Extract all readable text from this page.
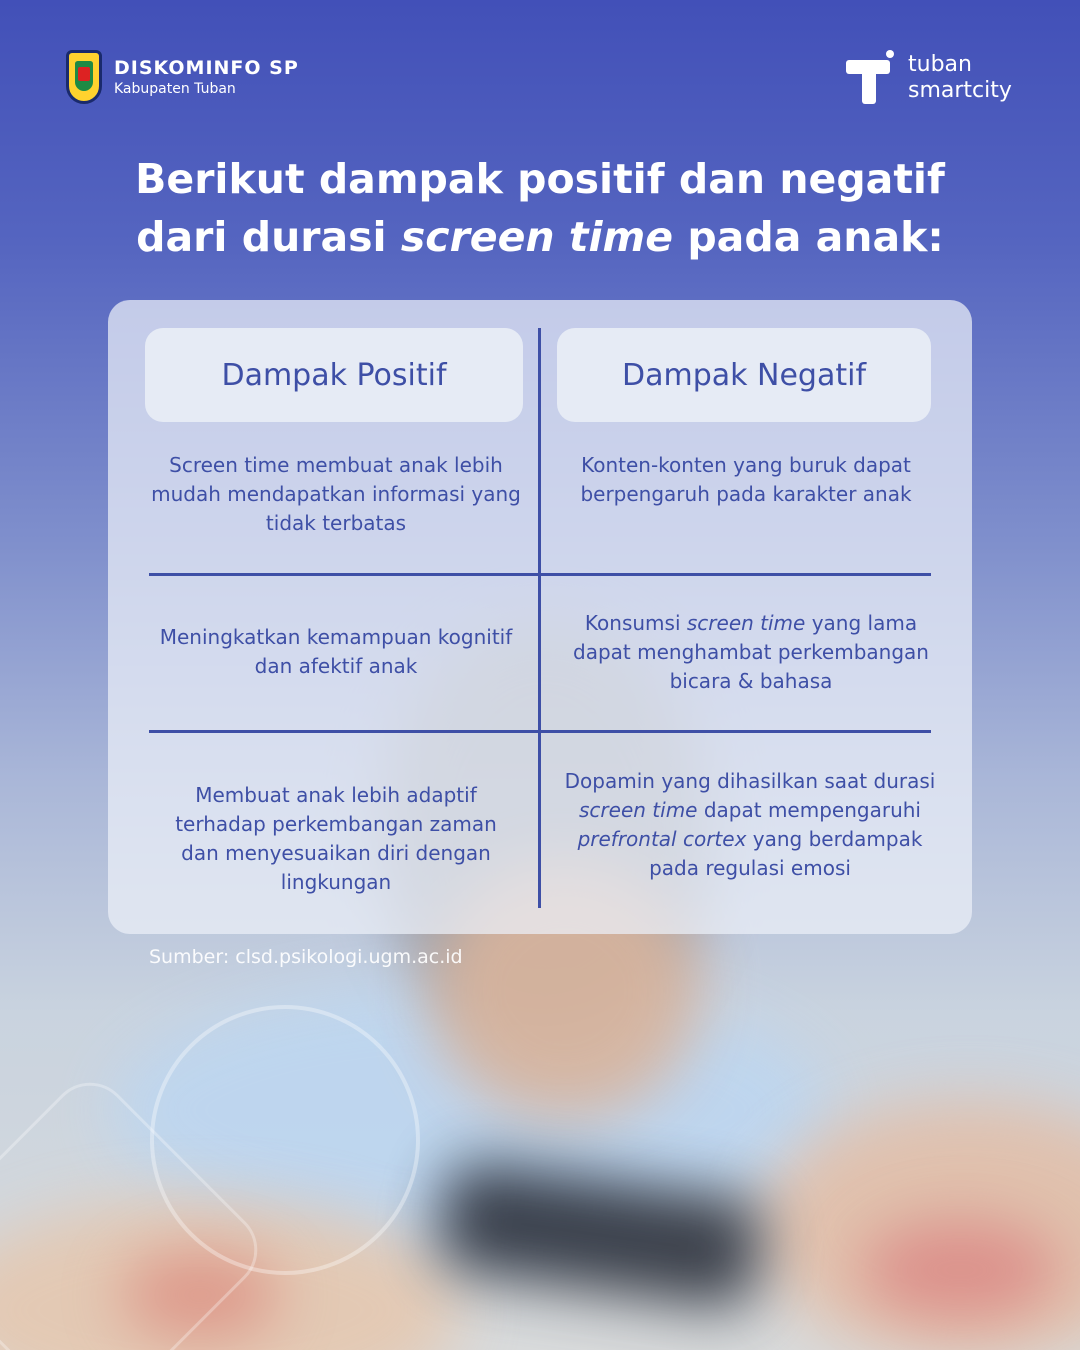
DISKOMINFO SP
Kabupaten Tuban
tuban
smartcity
Berikut dampak positif dan negatif
dari durasi screen time pada anak:
Dampak Positif	Dampak Negatif
Screen time membuat anak lebih mudah mendapatkan informasi yang tidak terbatas
Konten-konten yang buruk dapat berpengaruh pada karakter anak
Meningkatkan kemampuan kognitif dan afektif anak
Konsumsi screen time yang lama dapat menghambat perkembangan bicara & bahasa
Membuat anak lebih adaptif terhadap perkembangan zaman dan menyesuaikan diri dengan lingkungan
Dopamin yang dihasilkan saat durasi screen time dapat mempengaruhi prefrontal cortex yang berdampak pada regulasi emosi
Sumber: clsd.psikologi.ugm.ac.id
